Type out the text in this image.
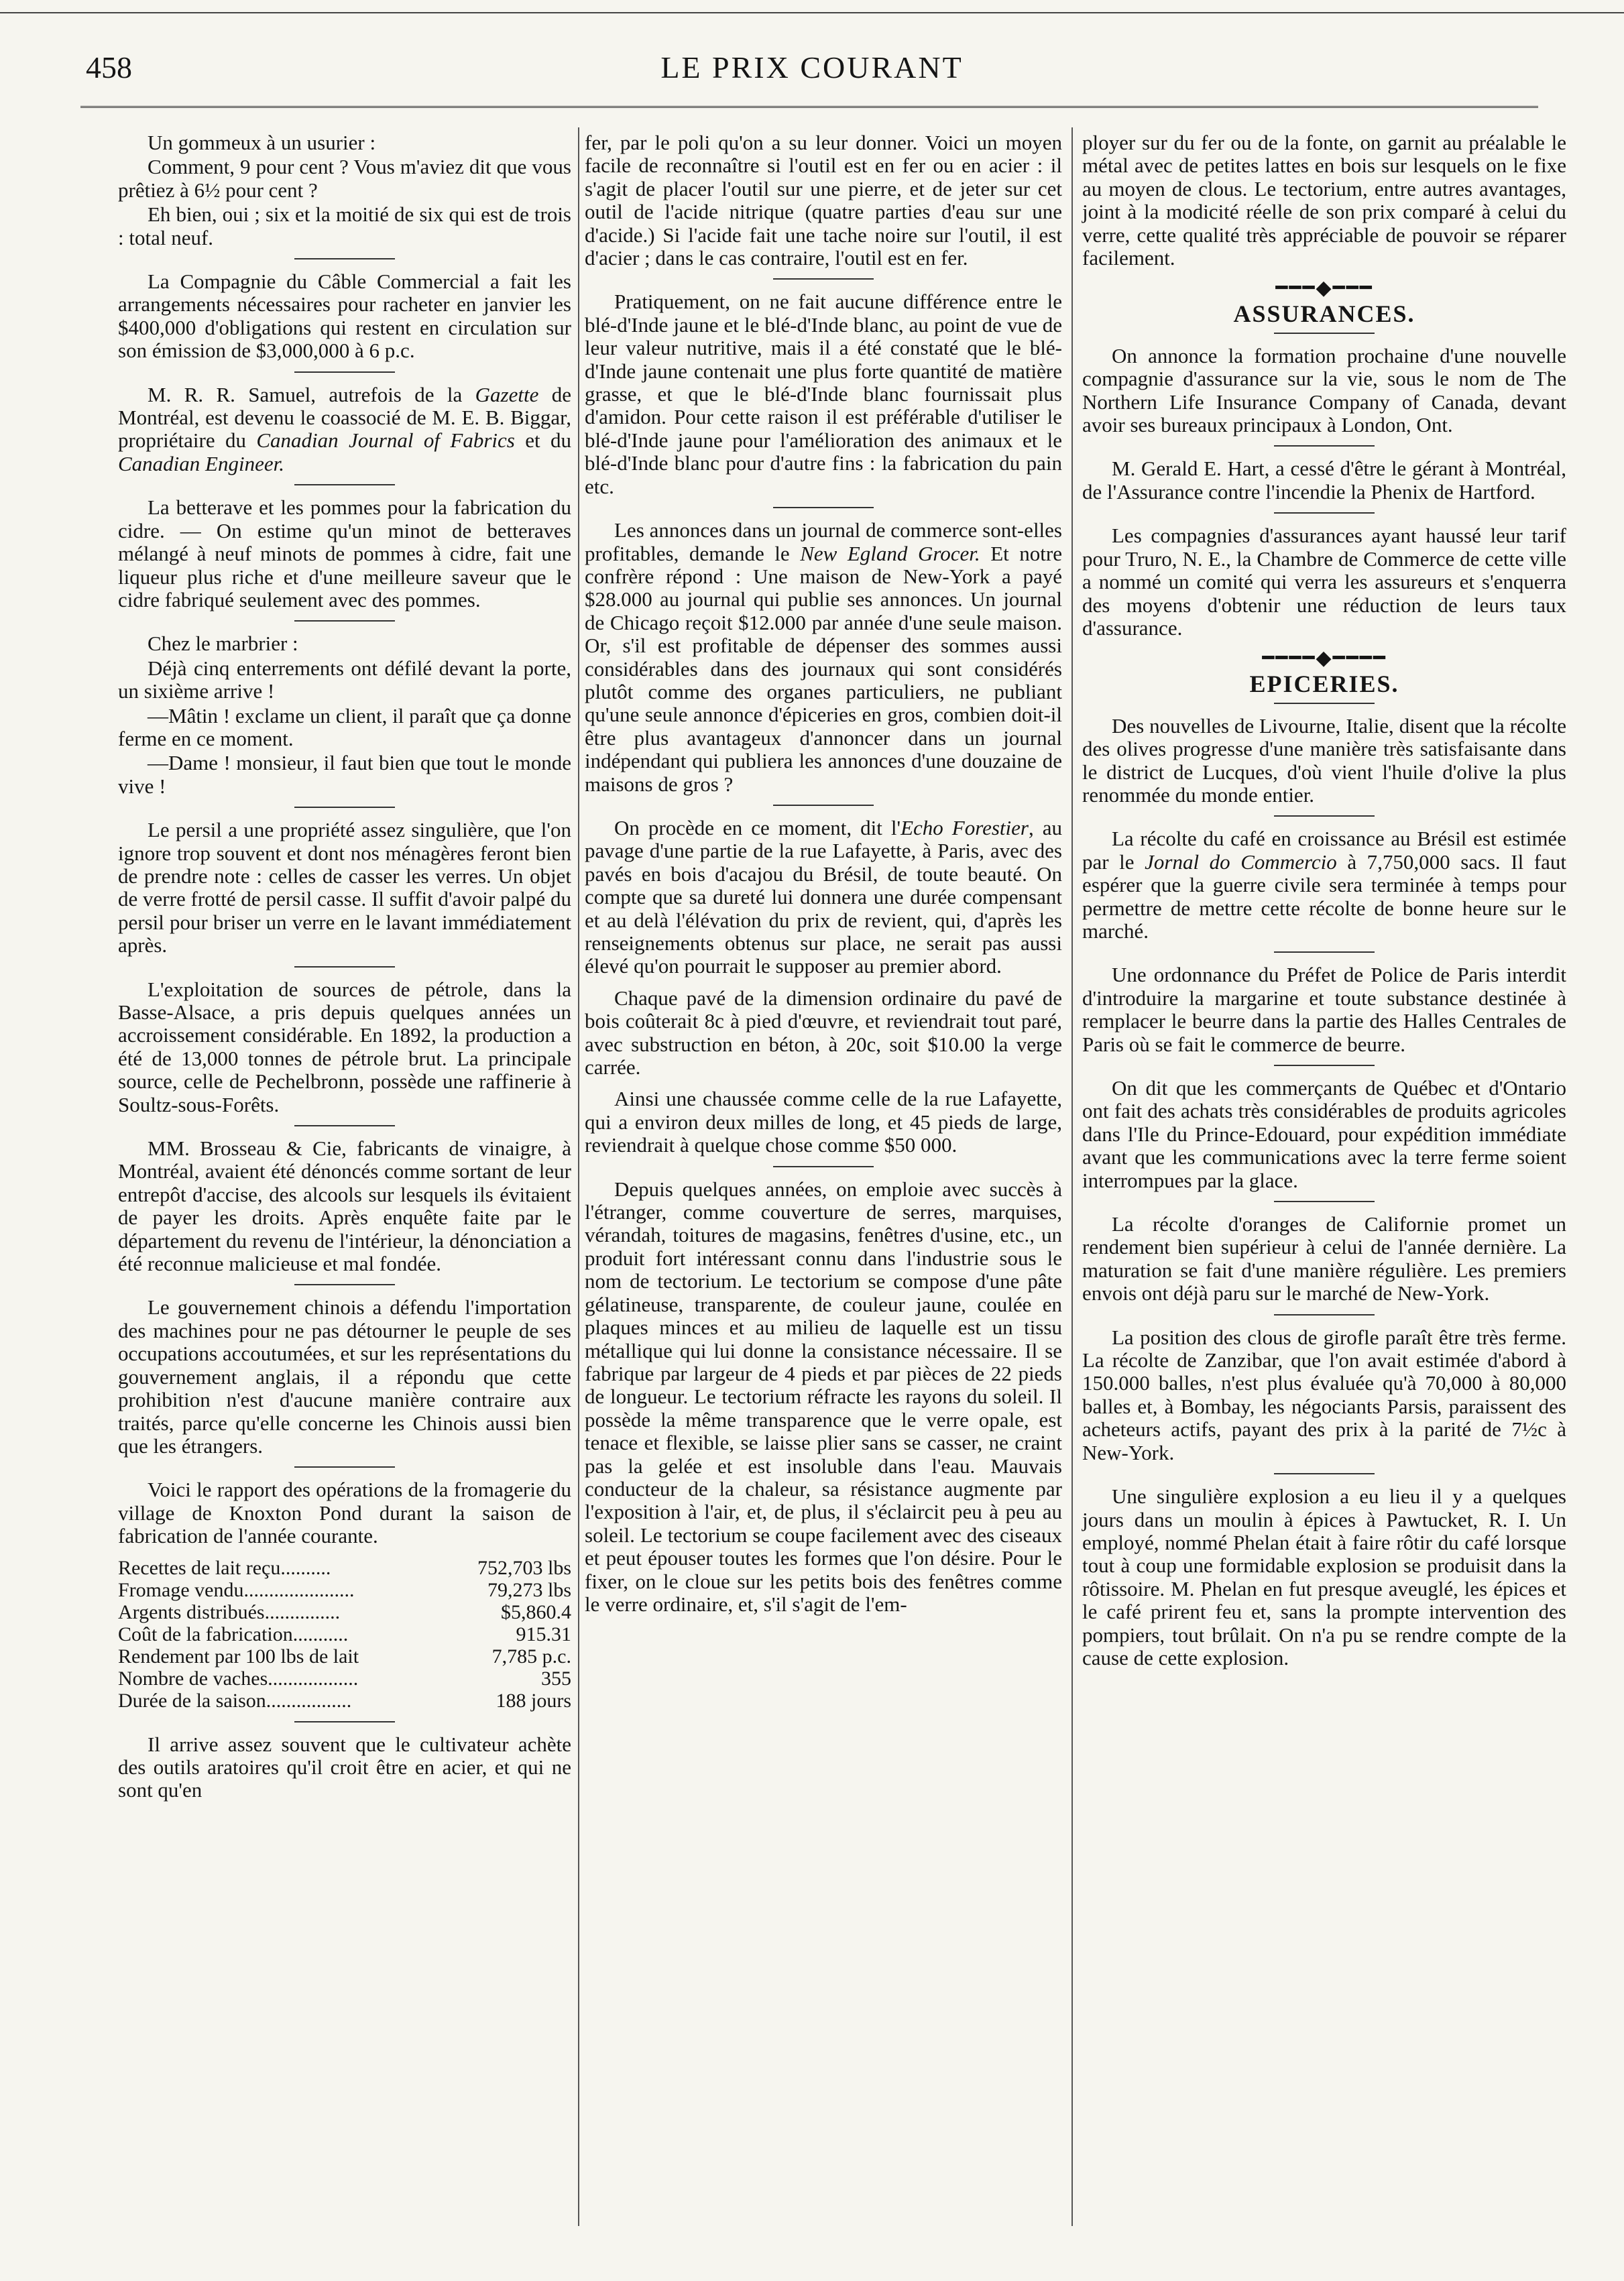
458	LE PRIX COURANT

Un gommeux à un usurier :

Comment, 9 pour cent ? Vous m'aviez dit que vous prêtiez à 6½ pour cent ?

Eh bien, oui ; six et la moitié de six qui est de trois : total neuf.

La Compagnie du Câble Commercial a fait les arrangements nécessaires pour racheter en janvier les $400,000 d'obligations qui restent en circulation sur son émission de $3,000,000 à 6 p.c.

M. R. R. Samuel, autrefois de la Gazette de Montréal, est devenu le coassocié de M. E. B. Biggar, propriétaire du Canadian Journal of Fabrics et du Canadian Engineer.

La betterave et les pommes pour la fabrication du cidre. — On estime qu'un minot de betteraves mélangé à neuf minots de pommes à cidre, fait une liqueur plus riche et d'une meilleure saveur que le cidre fabriqué seulement avec des pommes.

Chez le marbrier :

Déjà cinq enterrements ont défilé devant la porte, un sixième arrive !

—Mâtin ! exclame un client, il paraît que ça donne ferme en ce moment.

—Dame ! monsieur, il faut bien que tout le monde vive !

Le persil a une propriété assez singulière, que l'on ignore trop souvent et dont nos ménagères feront bien de prendre note : celles de casser les verres. Un objet de verre frotté de persil casse. Il suffit d'avoir palpé du persil pour briser un verre en le lavant immédiatement après.

L'exploitation de sources de pétrole, dans la Basse-Alsace, a pris depuis quelques années un accroissement considérable. En 1892, la production a été de 13,000 tonnes de pétrole brut. La principale source, celle de Pechelbronn, possède une raffinerie à Soultz-sous-Forêts.

MM. Brosseau & Cie, fabricants de vinaigre, à Montréal, avaient été dénoncés comme sortant de leur entrepôt d'accise, des alcools sur lesquels ils évitaient de payer les droits. Après enquête faite par le département du revenu de l'intérieur, la dénonciation a été reconnue malicieuse et mal fondée.

Le gouvernement chinois a défendu l'importation des machines pour ne pas détourner le peuple de ses occupations accoutumées, et sur les représentations du gouvernement anglais, il a répondu que cette prohibition n'est d'aucune manière contraire aux traités, parce qu'elle concerne les Chinois aussi bien que les étrangers.

Voici le rapport des opérations de la fromagerie du village de Knoxton Pond durant la saison de fabrication de l'année courante.

Recettes de lait reçu..........	752,703 lbs
Fromage vendu......................	79,273 lbs
Argents distribués...............	$5,860.4
Coût de la fabrication...........	915.31
Rendement par 100 lbs de lait	7,785 p.c.
Nombre de vaches..................	355
Durée de la saison.................	188 jours

Il arrive assez souvent que le cultivateur achète des outils aratoires qu'il croit être en acier, et qui ne sont qu'en

fer, par le poli qu'on a su leur donner. Voici un moyen facile de reconnaître si l'outil est en fer ou en acier : il s'agit de placer l'outil sur une pierre, et de jeter sur cet outil de l'acide nitrique (quatre parties d'eau sur une d'acide.) Si l'acide fait une tache noire sur l'outil, il est d'acier ; dans le cas contraire, l'outil est en fer.

Pratiquement, on ne fait aucune différence entre le blé-d'Inde jaune et le blé-d'Inde blanc, au point de vue de leur valeur nutritive, mais il a été constaté que le blé-d'Inde jaune contenait une plus forte quantité de matière grasse, et que le blé-d'Inde blanc fournissait plus d'amidon. Pour cette raison il est préférable d'utiliser le blé-d'Inde jaune pour l'amélioration des animaux et le blé-d'Inde blanc pour d'autre fins : la fabrication du pain etc.

Les annonces dans un journal de commerce sont-elles profitables, demande le New Egland Grocer. Et notre confrère répond : Une maison de New-York a payé $28.000 au journal qui publie ses annonces. Un journal de Chicago reçoit $12.000 par année d'une seule maison. Or, s'il est profitable de dépenser des sommes aussi considérables dans des journaux qui sont considérés plutôt comme des organes particuliers, ne publiant qu'une seule annonce d'épiceries en gros, combien doit-il être plus avantageux d'annoncer dans un journal indépendant qui publiera les annonces d'une douzaine de maisons de gros ?

On procède en ce moment, dit l'Echo Forestier, au pavage d'une partie de la rue Lafayette, à Paris, avec des pavés en bois d'acajou du Brésil, de toute beauté. On compte que sa dureté lui donnera une durée compensant et au delà l'élévation du prix de revient, qui, d'après les renseignements obtenus sur place, ne serait pas aussi élevé qu'on pourrait le supposer au premier abord.

Chaque pavé de la dimension ordinaire du pavé de bois coûterait 8c à pied d'œuvre, et reviendrait tout paré, avec substruction en béton, à 20c, soit $10.00 la verge carrée.

Ainsi une chaussée comme celle de la rue Lafayette, qui a environ deux milles de long, et 45 pieds de large, reviendrait à quelque chose comme $50 000.

Depuis quelques années, on emploie avec succès à l'étranger, comme couverture de serres, marquises, vérandah, toitures de magasins, fenêtres d'usine, etc., un produit fort intéressant connu dans l'industrie sous le nom de tectorium. Le tectorium se compose d'une pâte gélatineuse, transparente, de couleur jaune, coulée en plaques minces et au milieu de laquelle est un tissu métallique qui lui donne la consistance nécessaire. Il se fabrique par largeur de 4 pieds et par pièces de 22 pieds de longueur. Le tectorium réfracte les rayons du soleil. Il possède la même transparence que le verre opale, est tenace et flexible, se laisse plier sans se casser, ne craint pas la gelée et est insoluble dans l'eau. Mauvais conducteur de la chaleur, sa résistance augmente par l'exposition à l'air, et, de plus, il s'éclaircit peu à peu au soleil. Le tectorium se coupe facilement avec des ciseaux et peut épouser toutes les formes que l'on désire. Pour le fixer, on le cloue sur les petits bois des fenêtres comme le verre ordinaire, et, s'il s'agit de l'em-

ployer sur du fer ou de la fonte, on garnit au préalable le métal avec de petites lattes en bois sur lesquels on le fixe au moyen de clous. Le tectorium, entre autres avantages, joint à la modicité réelle de son prix comparé à celui du verre, cette qualité très appréciable de pouvoir se réparer facilement.

━━━◆━━━
ASSURANCES.

On annonce la formation prochaine d'une nouvelle compagnie d'assurance sur la vie, sous le nom de The Northern Life Insurance Company of Canada, devant avoir ses bureaux principaux à London, Ont.

M. Gerald E. Hart, a cessé d'être le gérant à Montréal, de l'Assurance contre l'incendie la Phenix de Hartford.

Les compagnies d'assurances ayant haussé leur tarif pour Truro, N. E., la Chambre de Commerce de cette ville a nommé un comité qui verra les assureurs et s'enquerra des moyens d'obtenir une réduction de leurs taux d'assurance.

━━━━◆━━━━
EPICERIES.

Des nouvelles de Livourne, Italie, disent que la récolte des olives progresse d'une manière très satisfaisante dans le district de Lucques, d'où vient l'huile d'olive la plus renommée du monde entier.

La récolte du café en croissance au Brésil est estimée par le Jornal do Commercio à 7,750,000 sacs. Il faut espérer que la guerre civile sera terminée à temps pour permettre de mettre cette récolte de bonne heure sur le marché.

Une ordonnance du Préfet de Police de Paris interdit d'introduire la margarine et toute substance destinée à remplacer le beurre dans la partie des Halles Centrales de Paris où se fait le commerce de beurre.

On dit que les commerçants de Québec et d'Ontario ont fait des achats très considérables de produits agricoles dans l'Ile du Prince-Edouard, pour expédition immédiate avant que les communications avec la terre ferme soient interrompues par la glace.

La récolte d'oranges de Californie promet un rendement bien supérieur à celui de l'année dernière. La maturation se fait d'une manière régulière. Les premiers envois ont déjà paru sur le marché de New-York.

La position des clous de girofle paraît être très ferme. La récolte de Zanzibar, que l'on avait estimée d'abord à 150.000 balles, n'est plus évaluée qu'à 70,000 à 80,000 balles et, à Bombay, les négociants Parsis, paraissent des acheteurs actifs, payant des prix à la parité de 7½c à New-York.

Une singulière explosion a eu lieu il y a quelques jours dans un moulin à épices à Pawtucket, R. I. Un employé, nommé Phelan était à faire rôtir du café lorsque tout à coup une formidable explosion se produisit dans la rôtissoire. M. Phelan en fut presque aveuglé, les épices et le café prirent feu et, sans la prompte intervention des pompiers, tout brûlait. On n'a pu se rendre compte de la cause de cette explosion.
